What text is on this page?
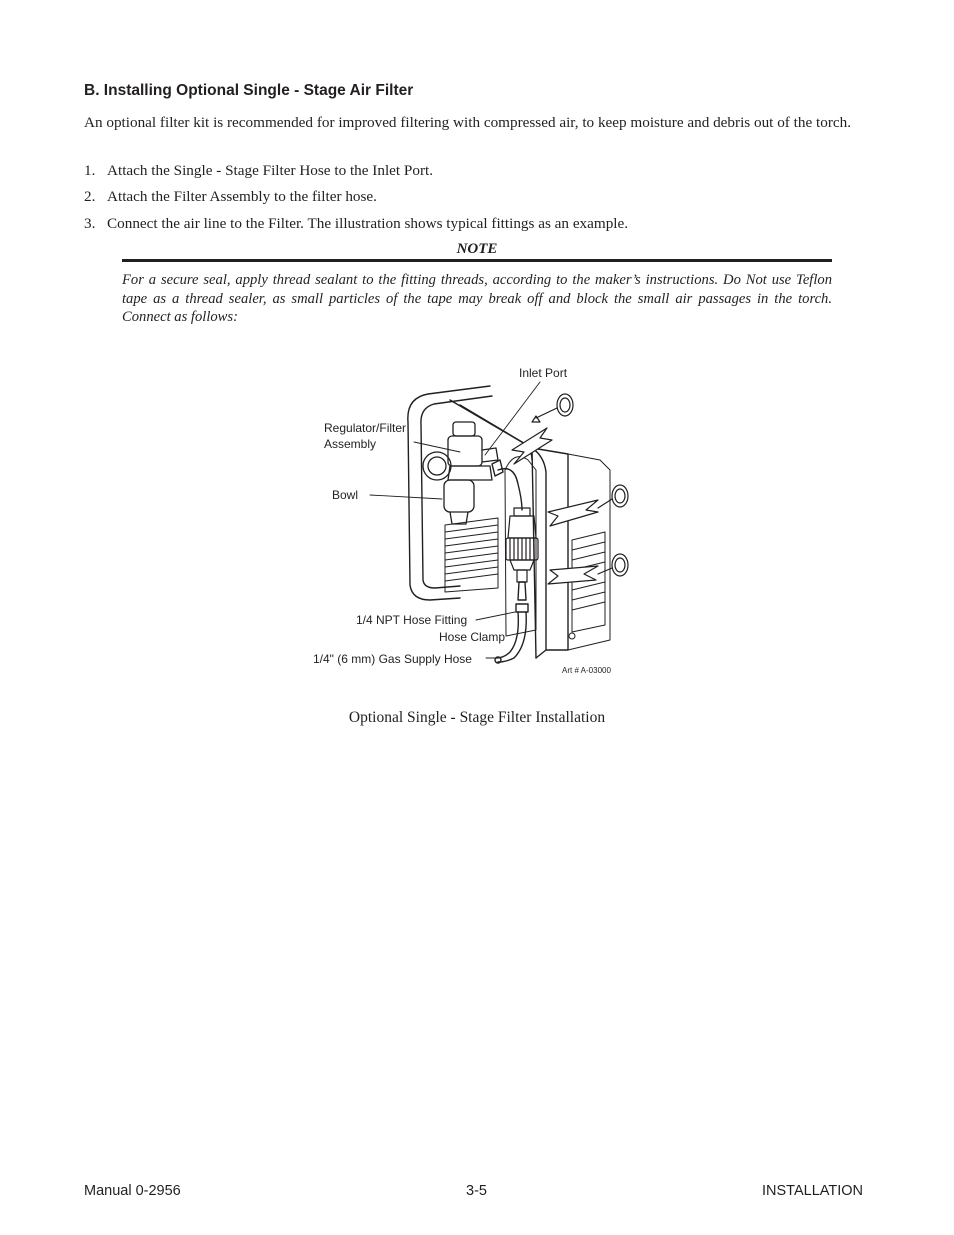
B. Installing Optional Single - Stage Air Filter
An optional filter kit is recommended for improved filtering with compressed air, to keep moisture and debris out of the torch.
1. Attach the Single - Stage Filter Hose to the Inlet Port.
2. Attach the Filter Assembly to the filter hose.
3. Connect the air line to the Filter. The illustration shows typical fittings as an example.
NOTE
For a secure seal, apply thread sealant to the fitting threads, according to the maker’s instructions. Do Not use Teflon tape as a thread sealer, as small particles of the tape may break off and block the small air passages in the torch. Connect as follows:
Inlet Port
Regulator/Filter
Assembly
Bowl
1/4 NPT Hose Fitting
Hose Clamp
1/4" (6 mm) Gas Supply Hose
Art # A-03000
Optional Single - Stage Filter Installation
Manual 0-2956	3-5	INSTALLATION
